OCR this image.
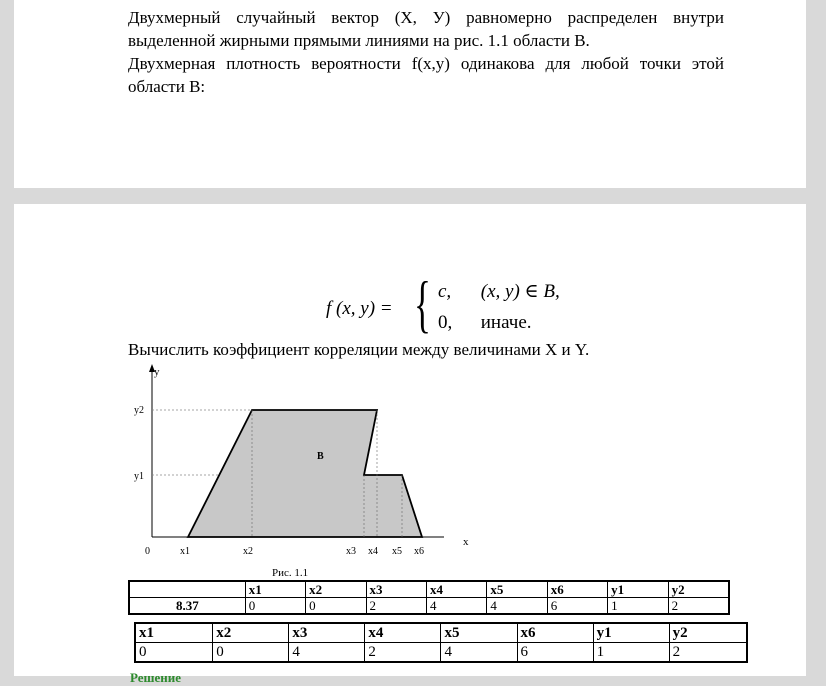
Двухмерный случайный вектор (X, У) равномерно распределен внутри
выделенной жирными прямыми линиями на рис. 1.1 области B.
Двухмерная плотность вероятности f(x,y) одинакова для любой точки этой
области B:
f (x, y) = { c, (x, y) ∈ B,
0, иначе.

Вычислить коэффициент корреляции между величинами X и Y.

y
x
B
y2
y1
0	x1	x2	x3 x4 x5 x6
Рис. 1.1
	x1	x2	x3	x4	x5	x6	y1	y2
8.37	0	0	2	4	4	6	1	2
x1	x2	x3	x4	x5	x6	y1	y2
0	0	4	2	4	6	1	2
Решение
